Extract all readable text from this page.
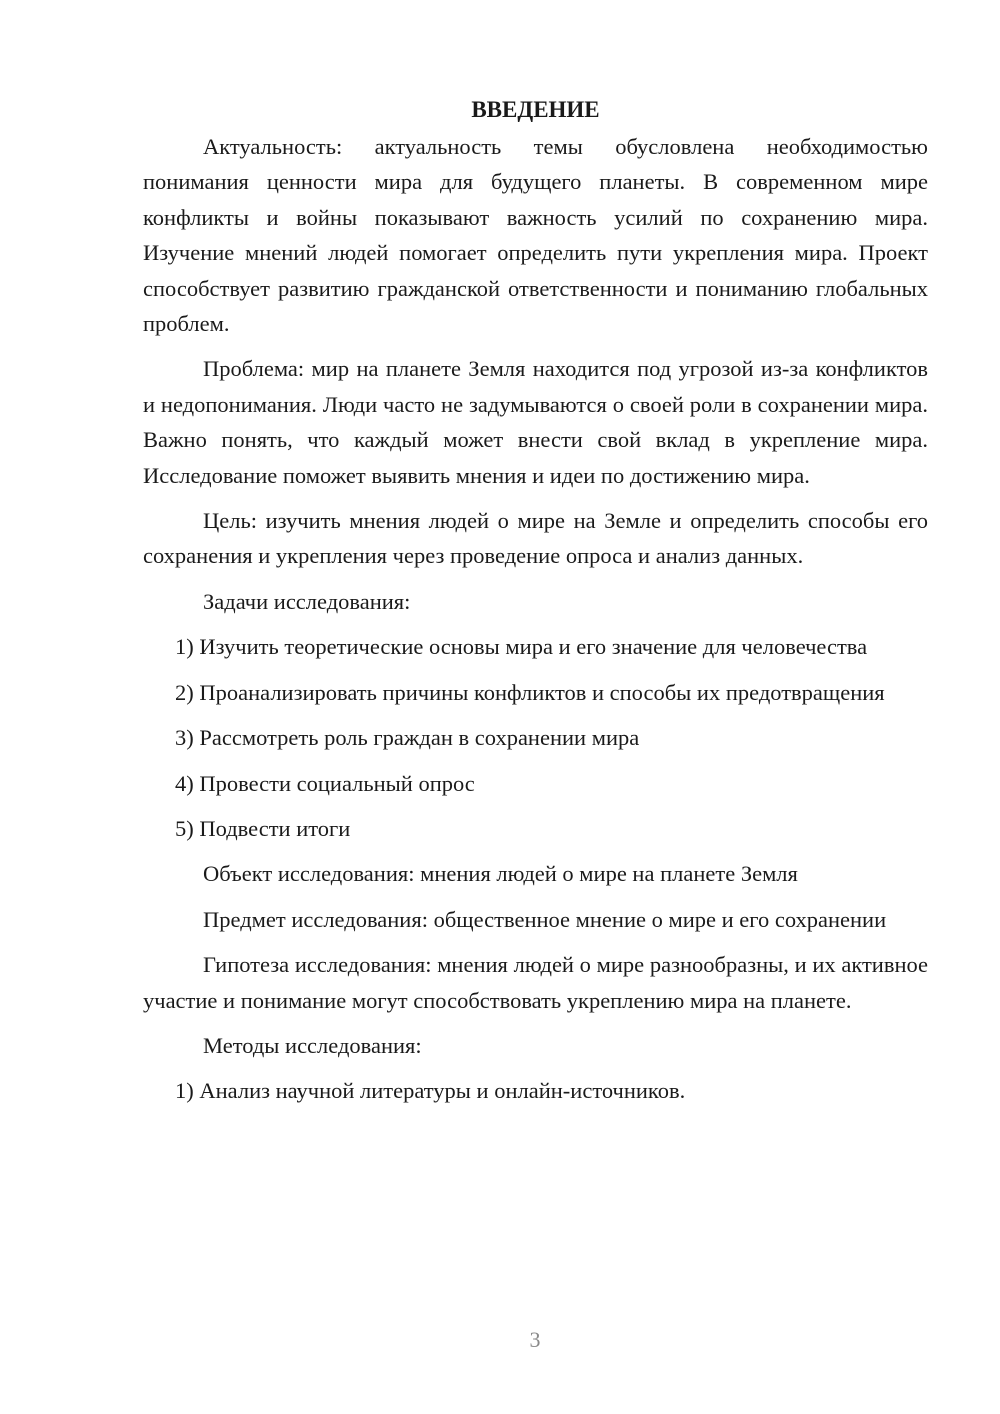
ВВЕДЕНИЕ

Актуальность: актуальность темы обусловлена необходимостью понимания ценности мира для будущего планеты. В современном мире конфликты и войны показывают важность усилий по сохранению мира. Изучение мнений людей помогает определить пути укрепления мира. Проект способствует развитию гражданской ответственности и пониманию глобальных проблем.

Проблема: мир на планете Земля находится под угрозой из-за конфликтов и недопонимания. Люди часто не задумываются о своей роли в сохранении мира. Важно понять, что каждый может внести свой вклад в укрепление мира. Исследование поможет выявить мнения и идеи по достижению мира.

Цель: изучить мнения людей о мире на Земле и определить способы его сохранения и укрепления через проведение опроса и анализ данных.

Задачи исследования:

1) Изучить теоретические основы мира и его значение для человечества

2) Проанализировать причины конфликтов и способы их предотвращения

3) Рассмотреть роль граждан в сохранении мира

4) Провести социальный опрос

5) Подвести итоги

Объект исследования: мнения людей о мире на планете Земля

Предмет исследования: общественное мнение о мире и его сохранении

Гипотеза исследования: мнения людей о мире разнообразны, и их активное участие и понимание могут способствовать укреплению мира на планете.

Методы исследования:

1) Анализ научной литературы и онлайн-источников.

3
